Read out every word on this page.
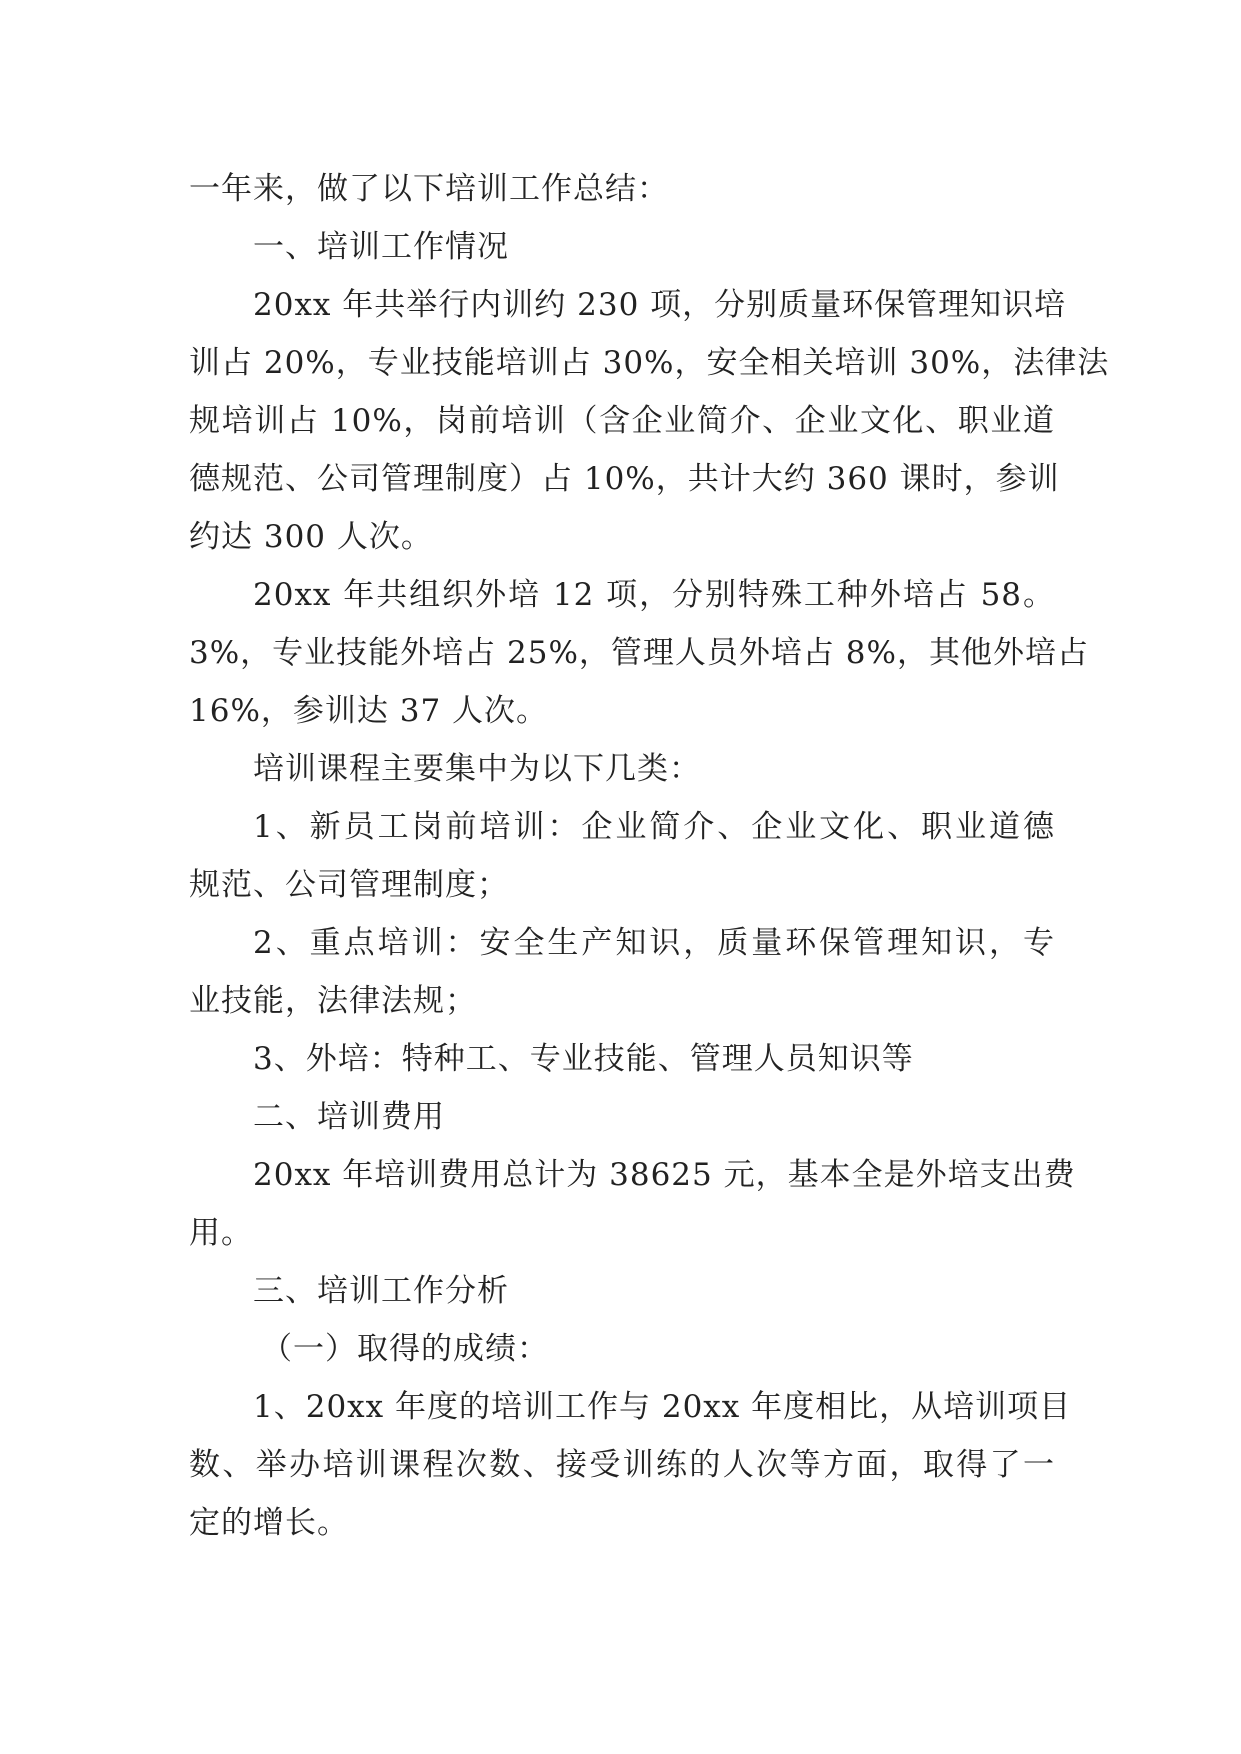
一年来，做了以下培训工作总结：
一、培训工作情况
20xx 年共举行内训约 230 项，分别质量环保管理知识培
训占 20%，专业技能培训占 30%，安全相关培训 30%，法律法
规培训占 10%，岗前培训（含企业简介、企业文化、职业道
德规范、公司管理制度）占 10%，共计大约 360 课时，参训
约达 300 人次。
20xx 年共组织外培 12 项，分别特殊工种外培占 58。
3%，专业技能外培占 25%，管理人员外培占 8%，其他外培占
16%，参训达 37 人次。
培训课程主要集中为以下几类：
1、新员工岗前培训：企业简介、企业文化、职业道德
规范、公司管理制度；
2、重点培训：安全生产知识，质量环保管理知识，专
业技能，法律法规；
3、外培：特种工、专业技能、管理人员知识等
二、培训费用
20xx 年培训费用总计为 38625 元，基本全是外培支出费
用。
三、培训工作分析
（一）取得的成绩：
1、20xx 年度的培训工作与 20xx 年度相比，从培训项目
数、举办培训课程次数、接受训练的人次等方面，取得了一
定的增长。
